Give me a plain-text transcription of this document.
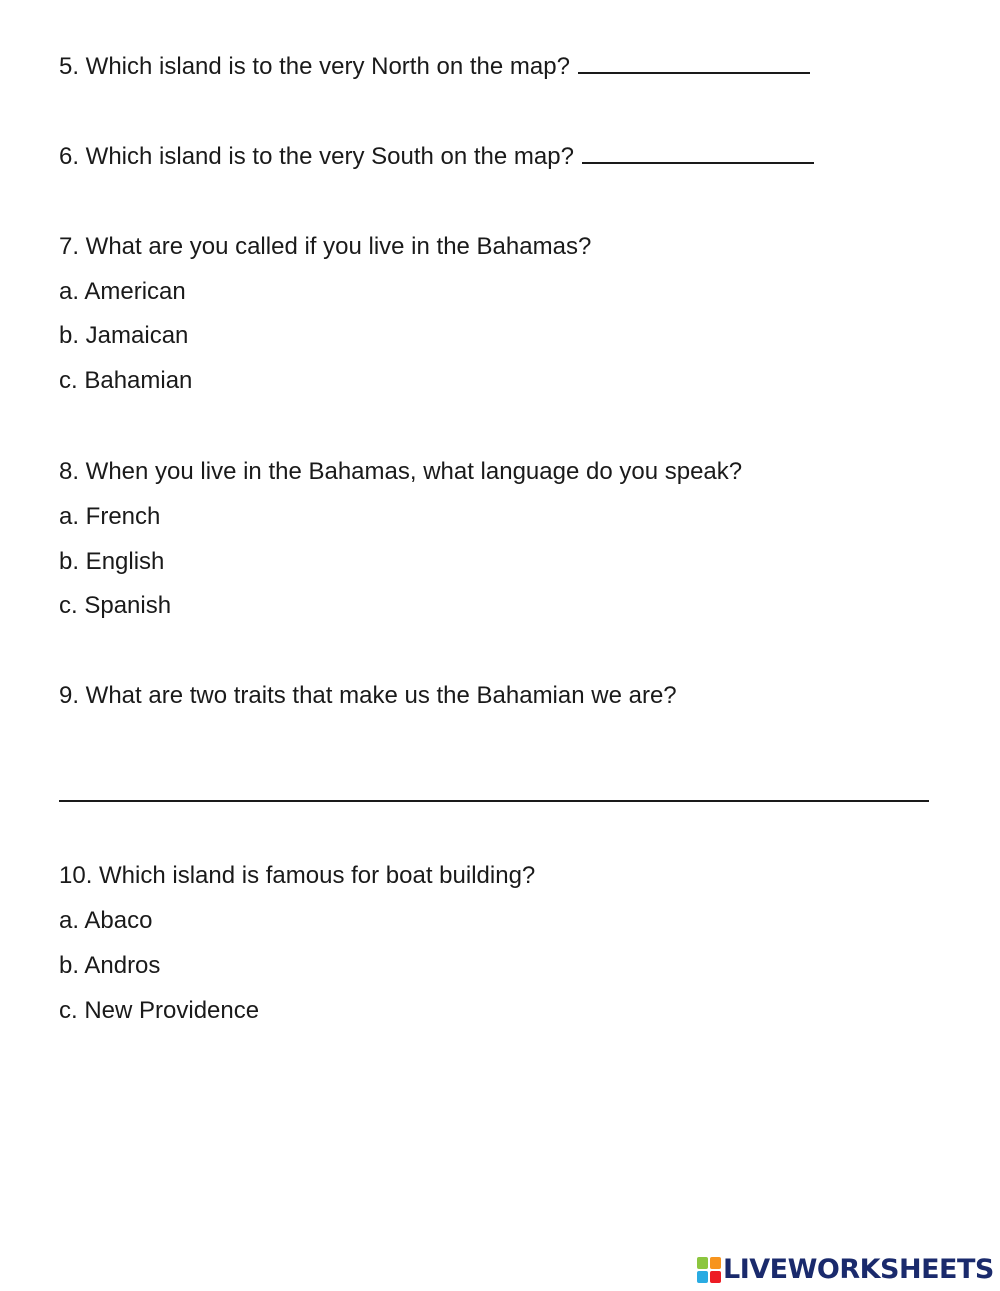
5. Which island is to the very North on the map?
6. Which island is to the very South on the map?
7. What are you called if you live in the Bahamas?
a. American
b. Jamaican
c. Bahamian
8. When you live in the Bahamas, what language do you speak?
a. French
b. English
c. Spanish
9. What are two traits that make us the Bahamian we are?
10. Which island is famous for boat building?
a. Abaco
b. Andros
c. New Providence
LIVEWORKSHEETS
